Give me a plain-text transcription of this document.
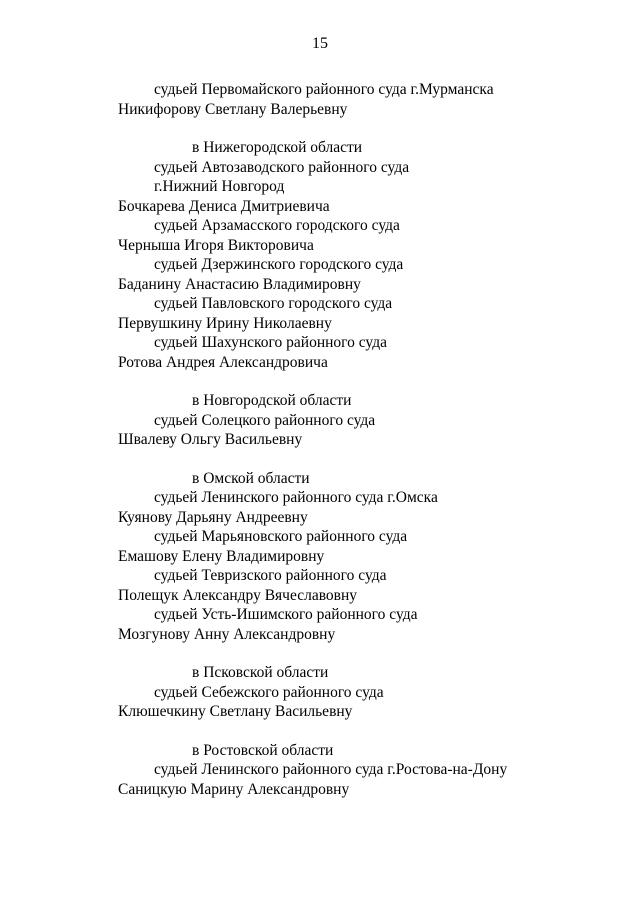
15
судьей Первомайского районного суда г.Мурманска
Никифорову Светлану Валерьевну
в Нижегородской области
судьей Автозаводского районного суда
г.Нижний Новгород
Бочкарева Дениса Дмитриевича
судьей Арзамасского городского суда
Черныша Игоря Викторовича
судьей Дзержинского городского суда
Баданину Анастасию Владимировну
судьей Павловского городского суда
Первушкину Ирину Николаевну
судьей Шахунского районного суда
Ротова Андрея Александровича
в Новгородской области
судьей Солецкого районного суда
Швалеву Ольгу Васильевну
в Омской области
судьей Ленинского районного суда г.Омска
Куянову Дарьяну Андреевну
судьей Марьяновского районного суда
Емашову Елену Владимировну
судьей Тевризского районного суда
Полещук Александру Вячеславовну
судьей Усть-Ишимского районного суда
Мозгунову Анну Александровну
в Псковской области
судьей Себежского районного суда
Клюшечкину Светлану Васильевну
в Ростовской области
судьей Ленинского районного суда г.Ростова-на-Дону
Саницкую Марину Александровну
